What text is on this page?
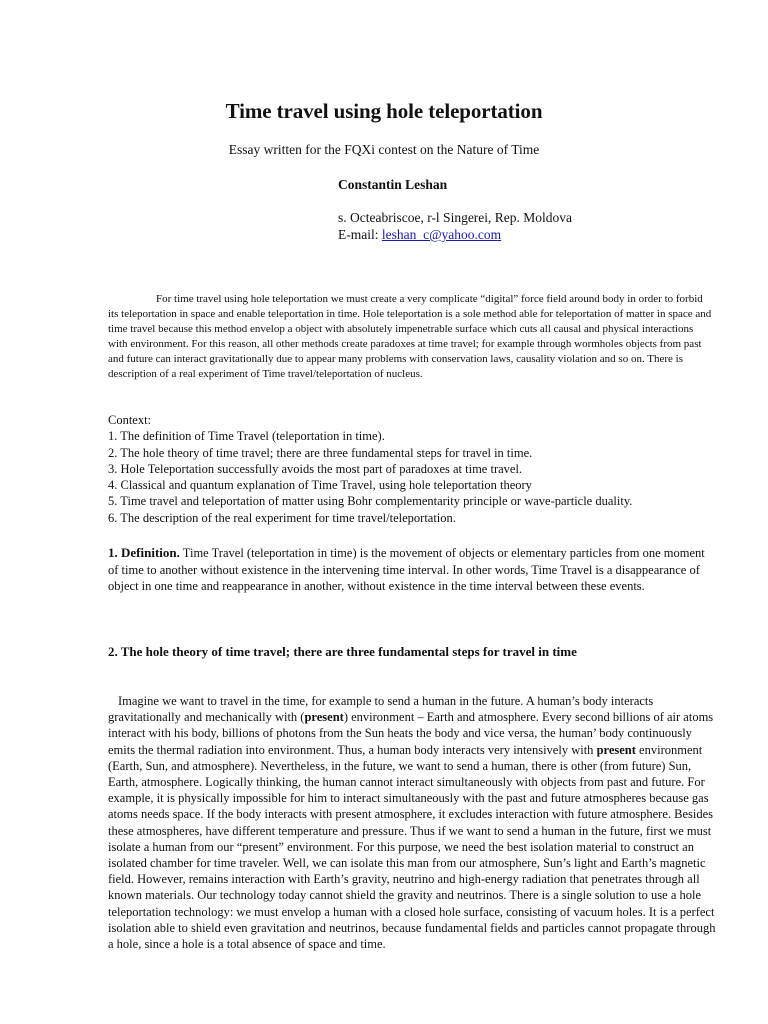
Time travel using hole teleportation
Essay written for the FQXi contest on the Nature of Time
Constantin Leshan
s. Octeabriscoe, r-l Singerei, Rep. Moldova
E-mail: leshan_c@yahoo.com

For time travel using hole teleportation we must create a very complicate “digital” force field around body in order to forbid its teleportation in space and enable teleportation in time. Hole teleportation is a sole method able for teleportation of matter in space and time travel because this method envelop a object with absolutely impenetrable surface which cuts all causal and physical interactions with environment. For this reason, all other methods create paradoxes at time travel; for example through wormholes objects from past and future can interact gravitationally due to appear many problems with conservation laws, causality violation and so on. There is description of a real experiment of Time travel/teleportation of nucleus.

Context:
1. The definition of Time Travel (teleportation in time).
2. The hole theory of time travel; there are three fundamental steps for travel in time.
3. Hole Teleportation successfully avoids the most part of paradoxes at time travel.
4. Classical and quantum explanation of Time Travel, using hole teleportation theory
5. Time travel and teleportation of matter using Bohr complementarity principle or wave-particle duality.
6. The description of the real experiment for time travel/teleportation.

1. Definition. Time Travel (teleportation in time) is the movement of objects or elementary particles from one moment of time to another without existence in the intervening time interval. In other words, Time Travel is a disappearance of object in one time and reappearance in another, without existence in the time interval between these events.

2. The hole theory of time travel; there are three fundamental steps for travel in time

Imagine we want to travel in the time, for example to send a human in the future. A human’s body interacts gravitationally and mechanically with (present) environment – Earth and atmosphere. Every second billions of air atoms interact with his body, billions of photons from the Sun heats the body and vice versa, the human’ body continuously emits the thermal radiation into environment. Thus, a human body interacts very intensively with present environment (Earth, Sun, and atmosphere). Nevertheless, in the future, we want to send a human, there is other (from future) Sun, Earth, atmosphere. Logically thinking, the human cannot interact simultaneously with objects from past and future. For example, it is physically impossible for him to interact simultaneously with the past and future atmospheres because gas atoms needs space. If the body interacts with present atmosphere, it excludes interaction with future atmosphere. Besides these atmospheres, have different temperature and pressure. Thus if we want to send a human in the future, first we must isolate a human from our “present” environment. For this purpose, we need the best isolation material to construct an isolated chamber for time traveler. Well, we can isolate this man from our atmosphere, Sun’s light and Earth’s magnetic field. However, remains interaction with Earth’s gravity, neutrino and high-energy radiation that penetrates through all known materials. Our technology today cannot shield the gravity and neutrinos. There is a single solution to use a hole teleportation technology: we must envelop a human with a closed hole surface, consisting of vacuum holes. It is a perfect isolation able to shield even gravitation and neutrinos, because fundamental fields and particles cannot propagate through a hole, since a hole is a total absence of space and time.
